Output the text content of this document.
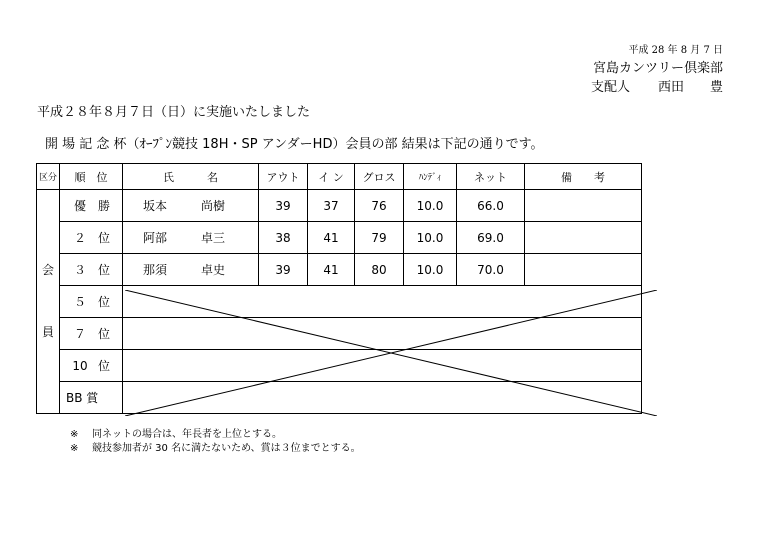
平成 28 年 8 月 7 日
宮島カンツリー倶楽部
支配人 西田　　豊
平成２８年８月７日（日）に実施いたしました
開 場 記 念 杯（ｵｰﾌﾟﾝ競技 18H・SP アンダーHD）会員の部 結果は下記の通りです。
区分	順　位	氏　　　名	アウト	イ ン	グロス	ﾊﾝﾃﾞｨ	ネット	備　　考
会

員	優 勝	坂本 尚樹	39	37	76	10.0	66.0	
	２ 位	阿部 卓三	38	41	79	10.0	69.0	
	３ 位	那須 卓史	39	41	80	10.0	70.0	
	５ 位							
	７ 位							
	10 位							
	BB 賞							
※ 同ネットの場合は、年長者を上位とする。
※ 競技参加者が 30 名に満たないため、賞は３位までとする。
